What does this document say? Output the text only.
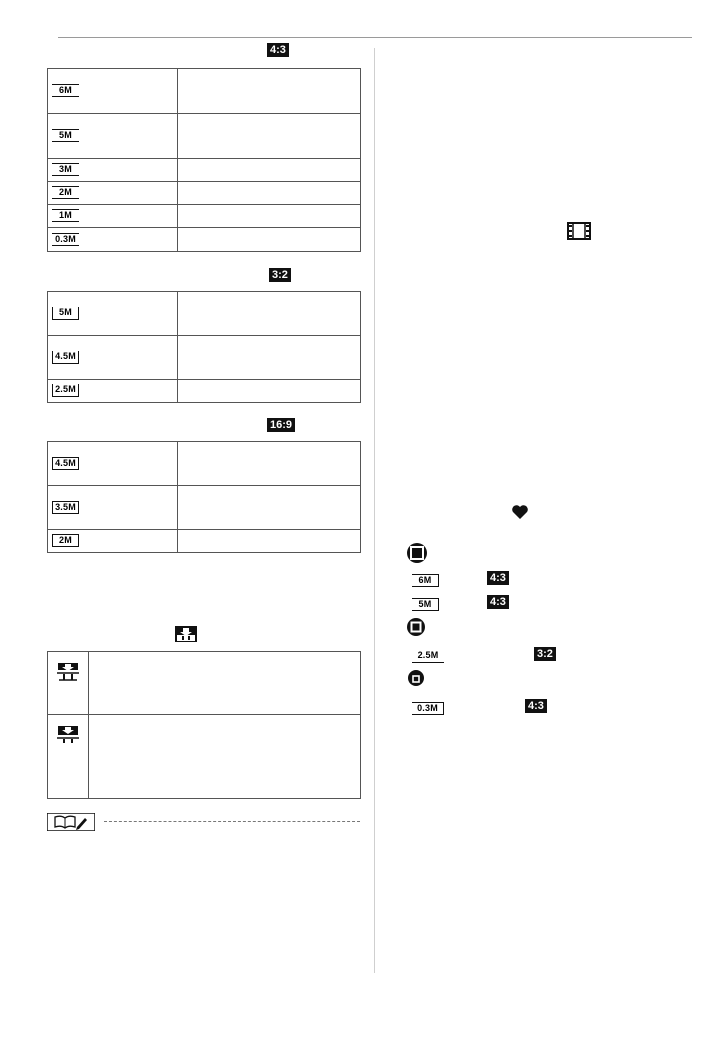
4:3
6M	
5M	
3M	
2M	
1M	
0.3M	
3:2
5M	
4.5M	
2.5M	
16:9
4.5M	
3.5M	
2M	

6M	4:3
5M	4:3
2.5M	3:2
0.3M	4:3
